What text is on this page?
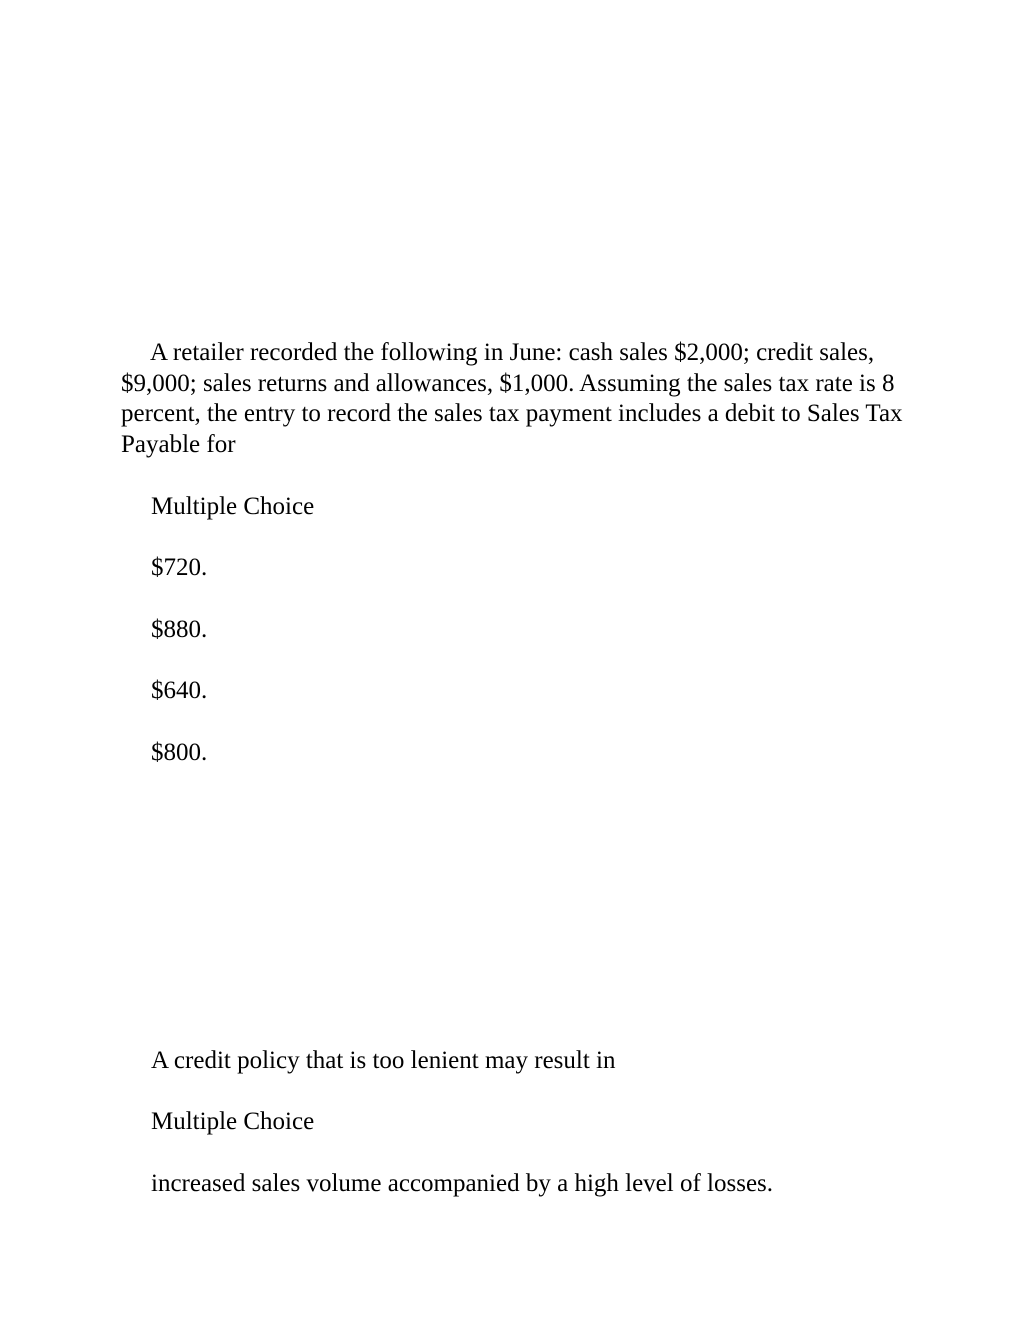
A retailer recorded the following in June: cash sales $2,000; credit sales, $9,000; sales returns and allowances, $1,000. Assuming the sales tax rate is 8 percent, the entry to record the sales tax payment includes a debit to Sales Tax Payable for

Multiple Choice

$720.

$880.

$640.

$800.

A credit policy that is too lenient may result in

Multiple Choice

increased sales volume accompanied by a high level of losses.
